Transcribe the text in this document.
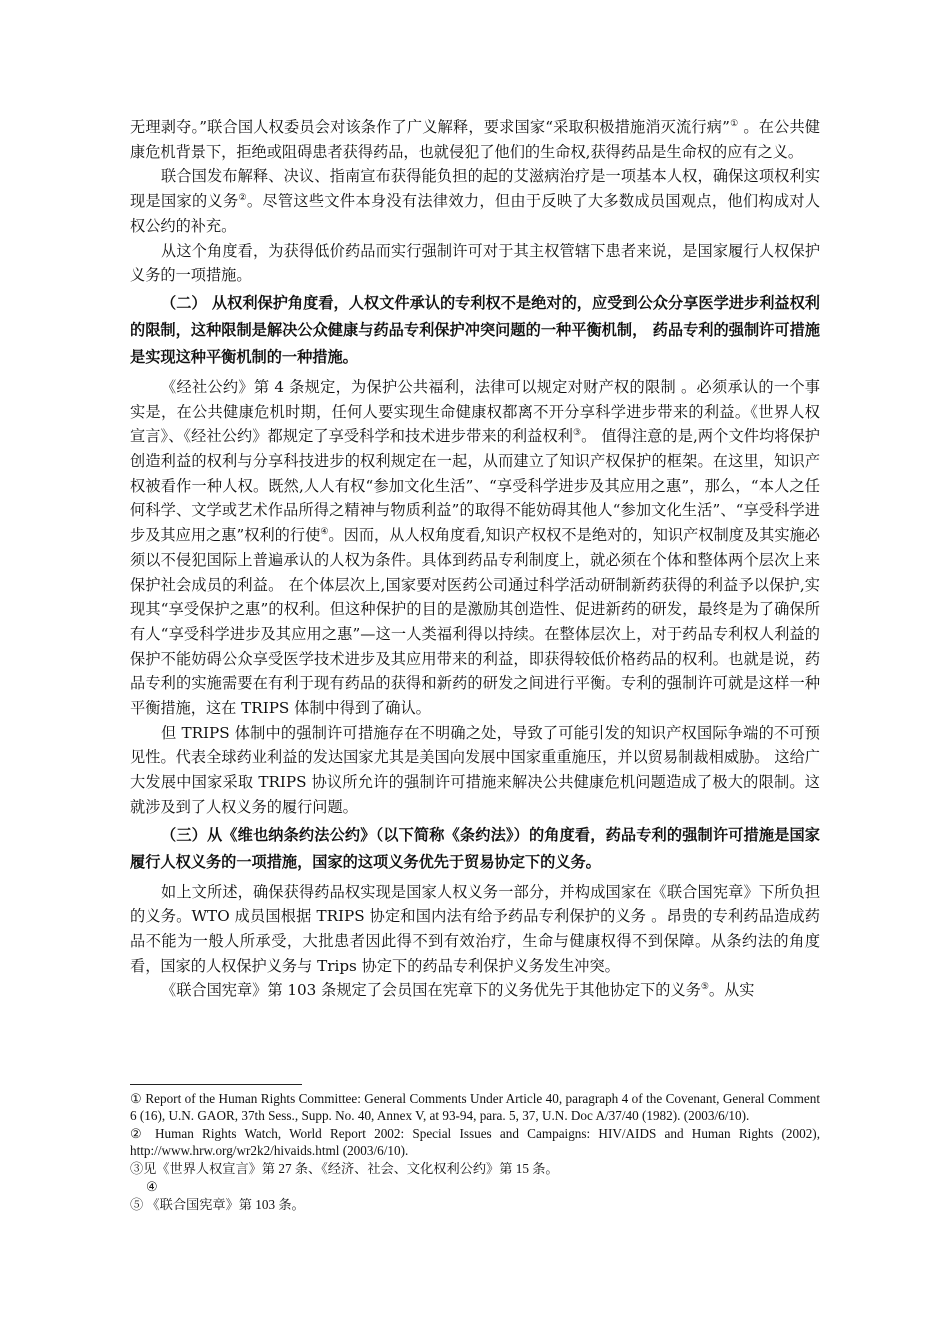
无理剥夺。”联合国人权委员会对该条作了广义解释，要求国家“采取积极措施消灭流行病”① 。在公共健康危机背景下，拒绝或阻碍患者获得药品，也就侵犯了他们的生命权,获得药品是生命权的应有之义。

联合国发布解释、决议、指南宣布获得能负担的起的艾滋病治疗是一项基本人权，确保这项权利实现是国家的义务②。尽管这些文件本身没有法律效力，但由于反映了大多数成员国观点，他们构成对人权公约的补充。

从这个角度看，为获得低价药品而实行强制许可对于其主权管辖下患者来说，是国家履行人权保护义务的一项措施。

（二） 从权利保护角度看，人权文件承认的专利权不是绝对的，应受到公众分享医学进步利益权利的限制，这种限制是解决公众健康与药品专利保护冲突问题的一种平衡机制， 药品专利的强制许可措施是实现这种平衡机制的一种措施。

《经社公约》第 4 条规定，为保护公共福利，法律可以规定对财产权的限制 。必须承认的一个事实是，在公共健康危机时期，任何人要实现生命健康权都离不开分享科学进步带来的利益。《世界人权宣言》、《经社公约》都规定了享受科学和技术进步带来的利益权利③。 值得注意的是,两个文件均将保护创造利益的权利与分享科技进步的权利规定在一起，从而建立了知识产权保护的框架。在这里，知识产权被看作一种人权。既然,人人有权“参加文化生活”、“享受科学进步及其应用之惠”，那么，“本人之任何科学、文学或艺术作品所得之精神与物质利益”的取得不能妨碍其他人“参加文化生活”、“享受科学进步及其应用之惠”权利的行使④。因而，从人权角度看,知识产权权不是绝对的，知识产权制度及其实施必须以不侵犯国际上普遍承认的人权为条件。具体到药品专利制度上，就必须在个体和整体两个层次上来保护社会成员的利益。 在个体层次上,国家要对医药公司通过科学活动研制新药获得的利益予以保护,实现其“享受保护之惠”的权利。但这种保护的目的是激励其创造性、促进新药的研发，最终是为了确保所有人“享受科学进步及其应用之惠”—这一人类福利得以持续。在整体层次上，对于药品专利权人利益的保护不能妨碍公众享受医学技术进步及其应用带来的利益，即获得较低价格药品的权利。也就是说，药品专利的实施需要在有利于现有药品的获得和新药的研发之间进行平衡。专利的强制许可就是这样一种平衡措施，这在 TRIPS 体制中得到了确认。

但 TRIPS 体制中的强制许可措施存在不明确之处，导致了可能引发的知识产权国际争端的不可预见性。代表全球药业利益的发达国家尤其是美国向发展中国家重重施压，并以贸易制裁相威胁。 这给广大发展中国家采取 TRIPS 协议所允许的强制许可措施来解决公共健康危机问题造成了极大的限制。这就涉及到了人权义务的履行问题。

（三）从《维也纳条约法公约》（以下简称《条约法》）的角度看，药品专利的强制许可措施是国家履行人权义务的一项措施，国家的这项义务优先于贸易协定下的义务。

如上文所述，确保获得药品权实现是国家人权义务一部分，并构成国家在《联合国宪章》下所负担的义务。WTO 成员国根据 TRIPS 协定和国内法有给予药品专利保护的义务 。昂贵的专利药品造成药品不能为一般人所承受，大批患者因此得不到有效治疗，生命与健康权得不到保障。从条约法的角度看，国家的人权保护义务与 Trips 协定下的药品专利保护义务发生冲突。

《联合国宪章》第 103 条规定了会员国在宪章下的义务优先于其他协定下的义务⑤。从实

① Report of the Human Rights Committee: General Comments Under Article 40, paragraph 4 of the Covenant, General Comment 6 (16), U.N. GAOR, 37th Sess., Supp. No. 40, Annex V, at 93-94, para. 5, 37, U.N. Doc A/37/40 (1982). (2003/6/10).

② Human Rights Watch, World Report 2002: Special Issues and Campaigns: HIV/AIDS and Human Rights (2002), http://www.hrw.org/wr2k2/hivaids.html (2003/6/10).

③见《世界人权宣言》第 27 条、《经济、社会、文化权利公约》第 15 条。

④

⑤ 《联合国宪章》第 103 条。
